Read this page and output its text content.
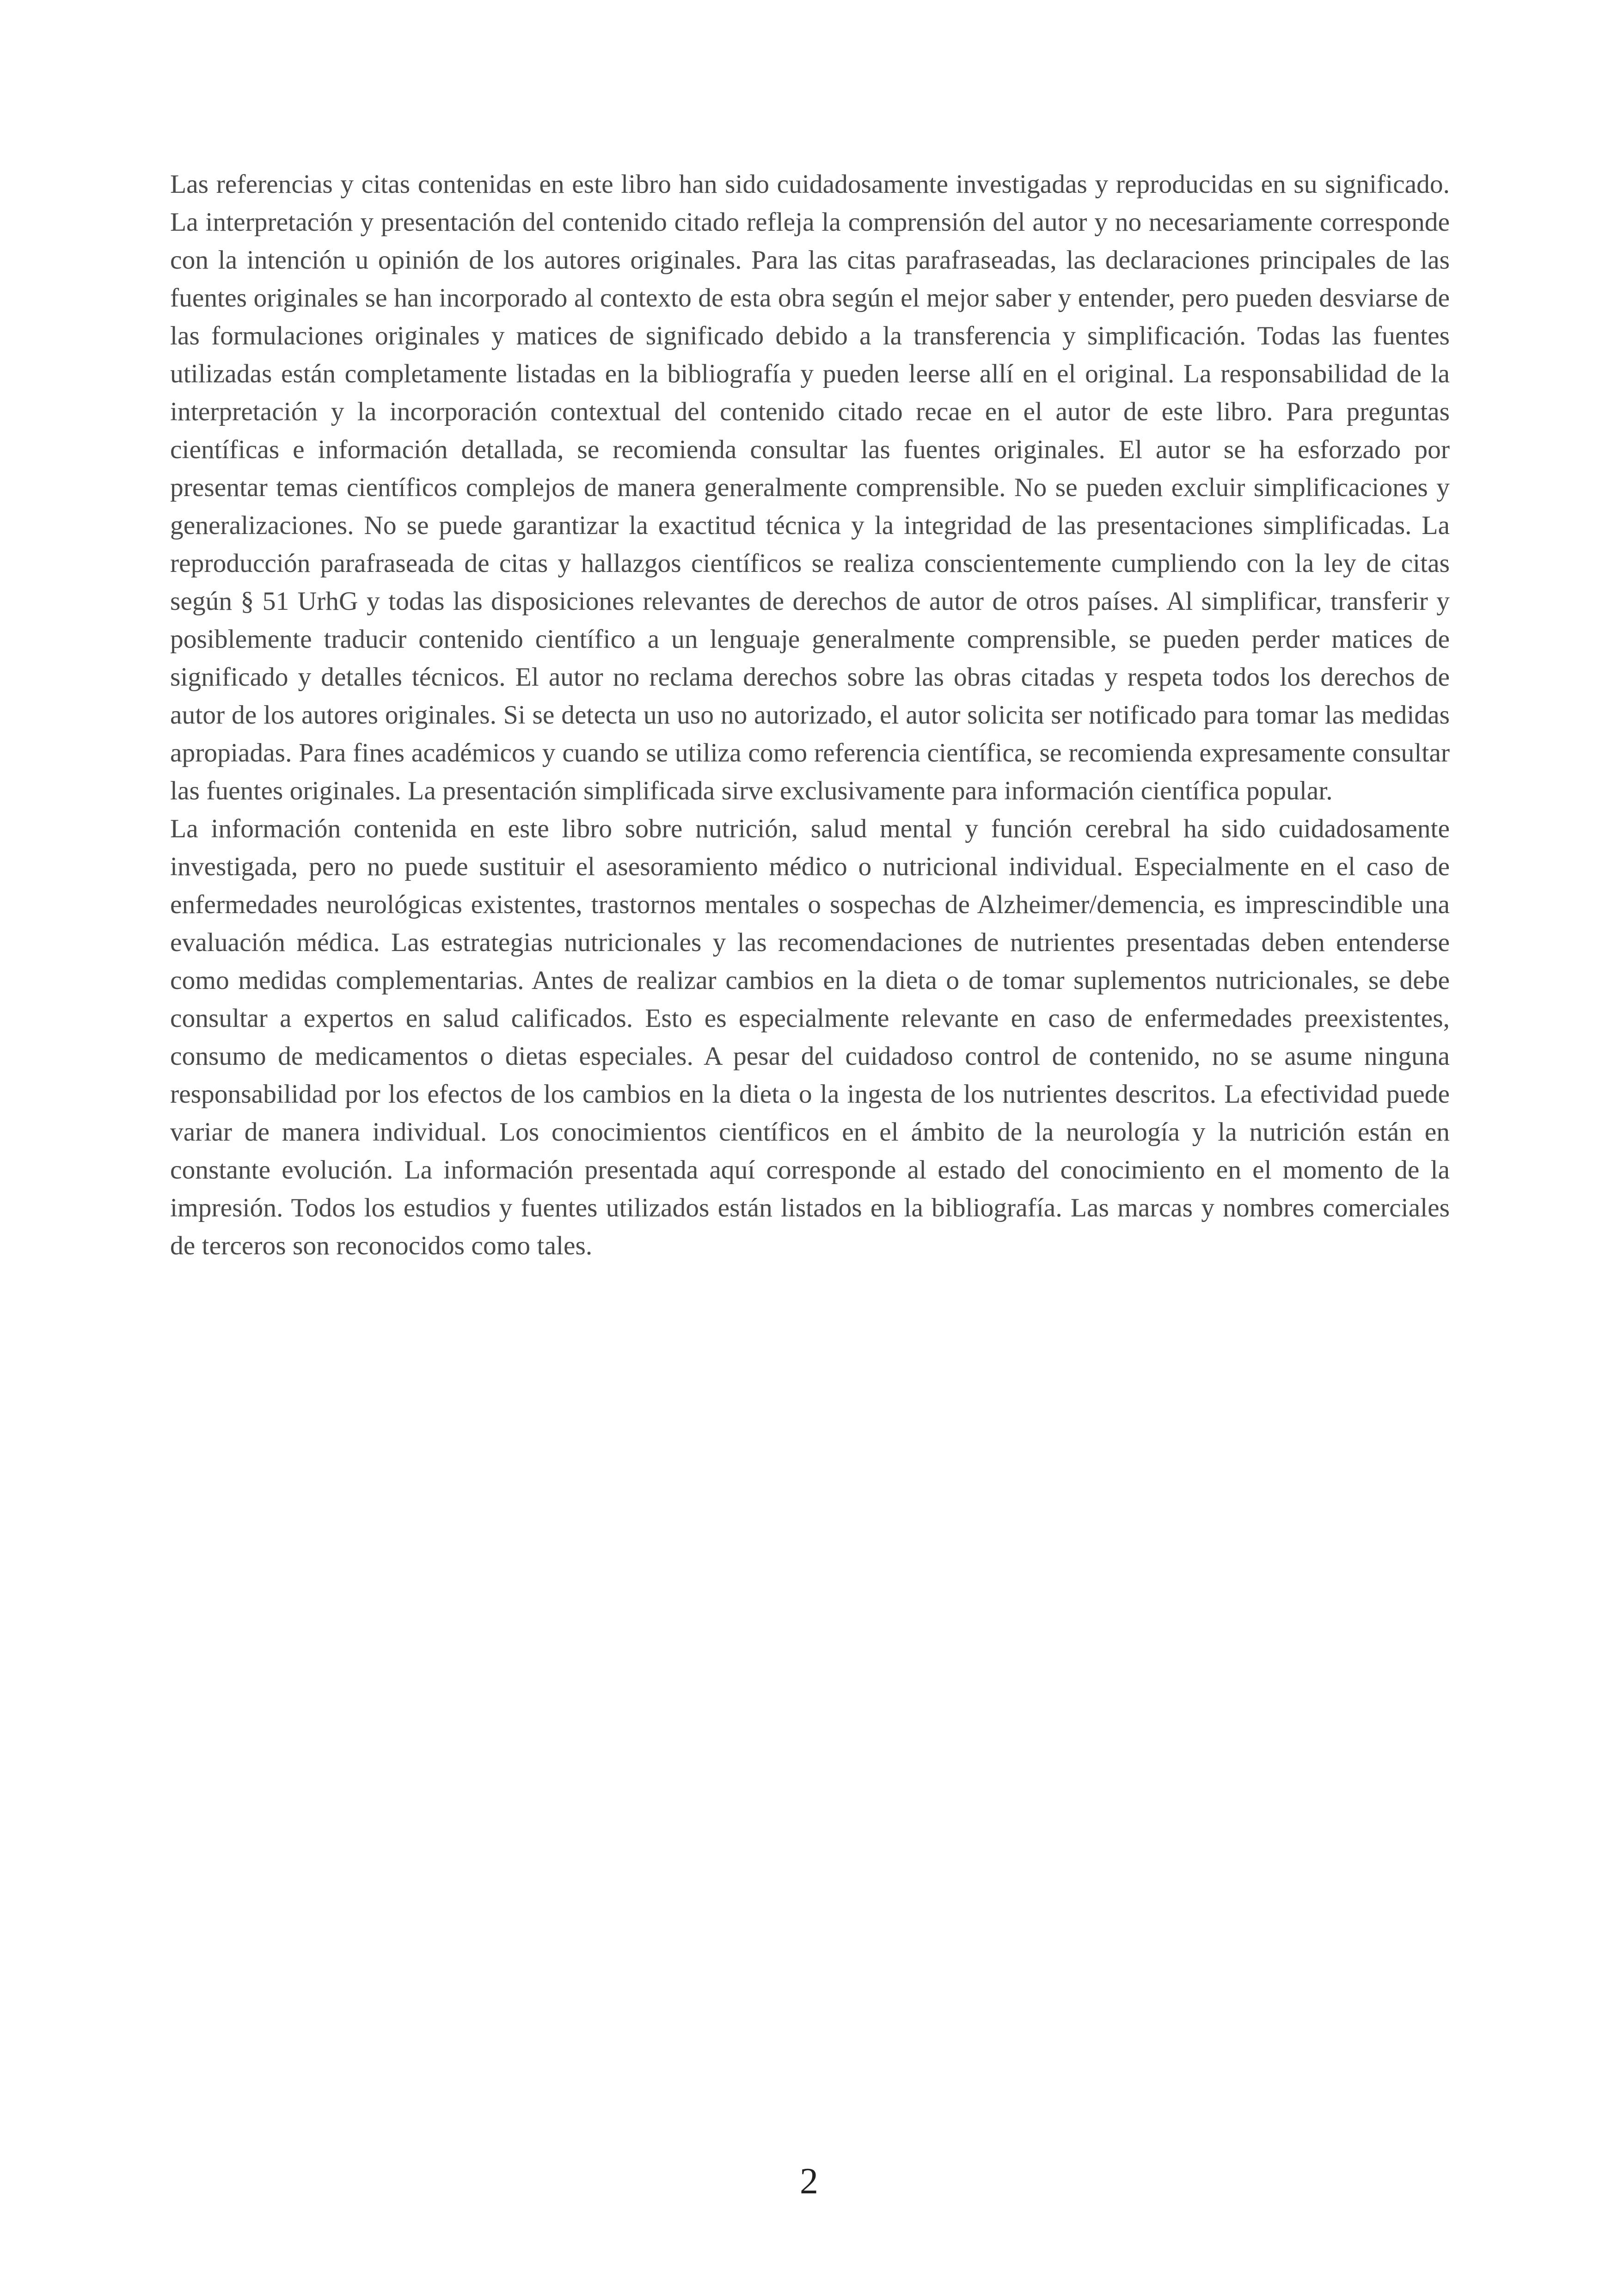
Las referencias y citas contenidas en este libro han sido cuidadosamente investigadas y reproducidas en su significado. La interpretación y presentación del contenido citado refleja la comprensión del autor y no necesariamente corresponde con la intención u opinión de los autores originales. Para las citas parafraseadas, las declaraciones principales de las fuentes originales se han incorporado al contexto de esta obra según el mejor saber y entender, pero pueden desviarse de las formulaciones originales y matices de significado debido a la transferencia y simplificación. Todas las fuentes utilizadas están completamente listadas en la bibliografía y pueden leerse allí en el original. La responsabilidad de la interpretación y la incorporación contextual del contenido citado recae en el autor de este libro. Para preguntas científicas e información detallada, se recomienda consultar las fuentes originales. El autor se ha esforzado por presentar temas científicos complejos de manera generalmente comprensible. No se pueden excluir simplificaciones y generalizaciones. No se puede garantizar la exactitud técnica y la integridad de las presentaciones simplificadas. La reproducción parafraseada de citas y hallazgos científicos se realiza conscientemente cumpliendo con la ley de citas según § 51 UrhG y todas las disposiciones relevantes de derechos de autor de otros países. Al simplificar, transferir y posiblemente traducir contenido científico a un lenguaje generalmente comprensible, se pueden perder matices de significado y detalles técnicos. El autor no reclama derechos sobre las obras citadas y respeta todos los derechos de autor de los autores originales. Si se detecta un uso no autorizado, el autor solicita ser notificado para tomar las medidas apropiadas. Para fines académicos y cuando se utiliza como referencia científica, se recomienda expresamente consultar las fuentes originales. La presentación simplificada sirve exclusivamente para información científica popular.

La información contenida en este libro sobre nutrición, salud mental y función cerebral ha sido cuidadosamente investigada, pero no puede sustituir el asesoramiento médico o nutricional individual. Especialmente en el caso de enfermedades neurológicas existentes, trastornos mentales o sospechas de Alzheimer/demencia, es imprescindible una evaluación médica. Las estrategias nutricionales y las recomendaciones de nutrientes presentadas deben entenderse como medidas complementarias. Antes de realizar cambios en la dieta o de tomar suplementos nutricionales, se debe consultar a expertos en salud calificados. Esto es especialmente relevante en caso de enfermedades preexistentes, consumo de medicamentos o dietas especiales. A pesar del cuidadoso control de contenido, no se asume ninguna responsabilidad por los efectos de los cambios en la dieta o la ingesta de los nutrientes descritos. La efectividad puede variar de manera individual. Los conocimientos científicos en el ámbito de la neurología y la nutrición están en constante evolución. La información presentada aquí corresponde al estado del conocimiento en el momento de la impresión. Todos los estudios y fuentes utilizados están listados en la bibliografía. Las marcas y nombres comerciales de terceros son reconocidos como tales.

2
